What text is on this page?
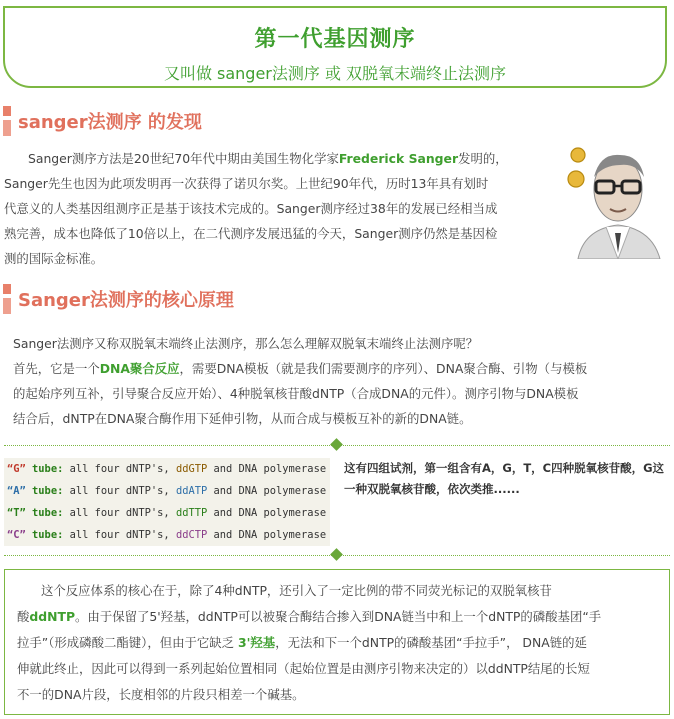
第一代基因测序
又叫做 sanger法测序 或 双脱氧末端终止法测序
sanger法测序 的发现
Sanger测序方法是20世纪70年代中期由美国生物化学家Frederick Sanger发明的，
Sanger先生也因为此项发明再一次获得了诺贝尔奖。上世纪90年代，历时13年具有划时
代意义的人类基因组测序正是基于该技术完成的。Sanger测序经过38年的发展已经相当成
熟完善，成本也降低了10倍以上，在二代测序发展迅猛的今天，Sanger测序仍然是基因检
测的国际金标准。
Sanger法测序的核心原理
Sanger法测序又称双脱氧末端终止法测序，那么怎么理解双脱氧末端终止法测序呢？
首先，它是一个DNA聚合反应，需要DNA模板（就是我们需要测序的序列）、DNA聚合酶、引物（与模板
的起始序列互补，引导聚合反应开始）、4种脱氧核苷酸dNTP（合成DNA的元件）。测序引物与DNA模板
结合后，dNTP在DNA聚合酶作用下延伸引物，从而合成与模板互补的新的DNA链。
“G” tube: all four dNTP's, ddGTP and DNA polymerase
“A” tube: all four dNTP's, ddATP and DNA polymerase
“T” tube: all four dNTP's, ddTTP and DNA polymerase
“C” tube: all four dNTP's, ddCTP and DNA polymerase
这有四组试剂，第一组含有A，G，T，C四种脱氧核苷酸，G这一种双脱氧核苷酸，依次类推......
这个反应体系的核心在于，除了4种dNTP，还引入了一定比例的带不同荧光标记的双脱氧核苷
酸ddNTP。由于保留了5'羟基，ddNTP可以被聚合酶结合掺入到DNA链当中和上一个dNTP的磷酸基团“手
拉手”（形成磷酸二酯键），但由于它缺乏 3'羟基，无法和下一个dNTP的磷酸基团“手拉手”， DNA链的延
伸就此终止，因此可以得到一系列起始位置相同（起始位置是由测序引物来决定的）以ddNTP结尾的长短
不一的DNA片段，长度相邻的片段只相差一个碱基。
